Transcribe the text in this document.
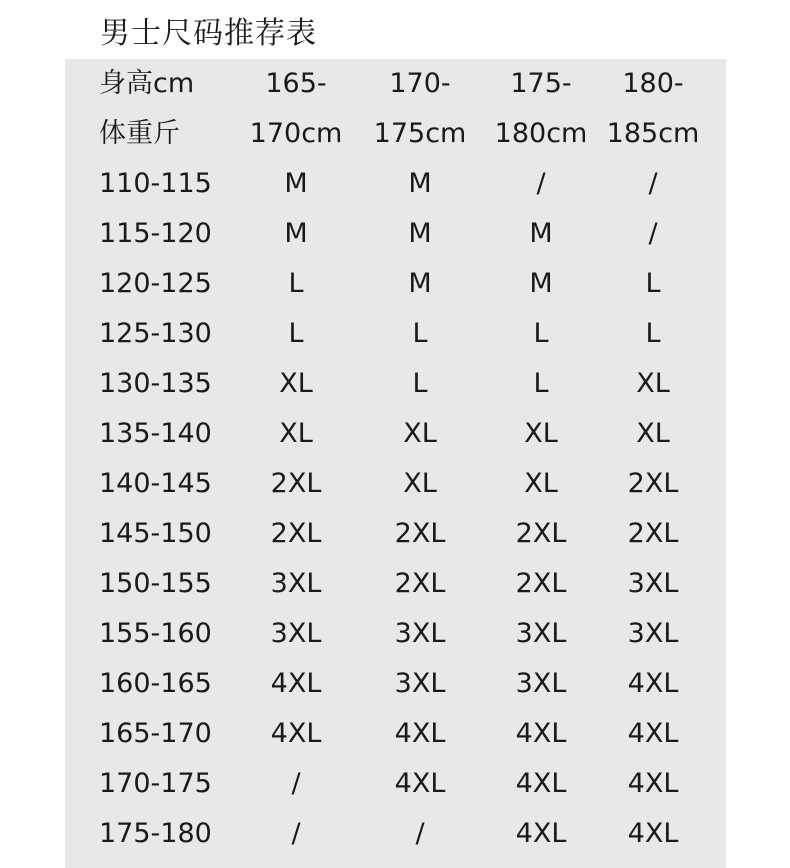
男士尺码推荐表
身高cm	165-	170-	175-	180-
体重斤	170cm	175cm	180cm 185cm
110-115	M	M	/	/
115-120	M	M	M	/
120-125	L	M	M	L
125-130	L	L	L	L
130-135	XL	L	L	XL
135-140	XL	XL	XL	XL
140-145	2XL	XL	XL	2XL
145-150	2XL	2XL	2XL	2XL
150-155	3XL	2XL	2XL	3XL
155-160	3XL	3XL	3XL	3XL
160-165	4XL	3XL	3XL	4XL
165-170	4XL	4XL	4XL	4XL
170-175	/	4XL	4XL	4XL
175-180	/	/	4XL	4XL
